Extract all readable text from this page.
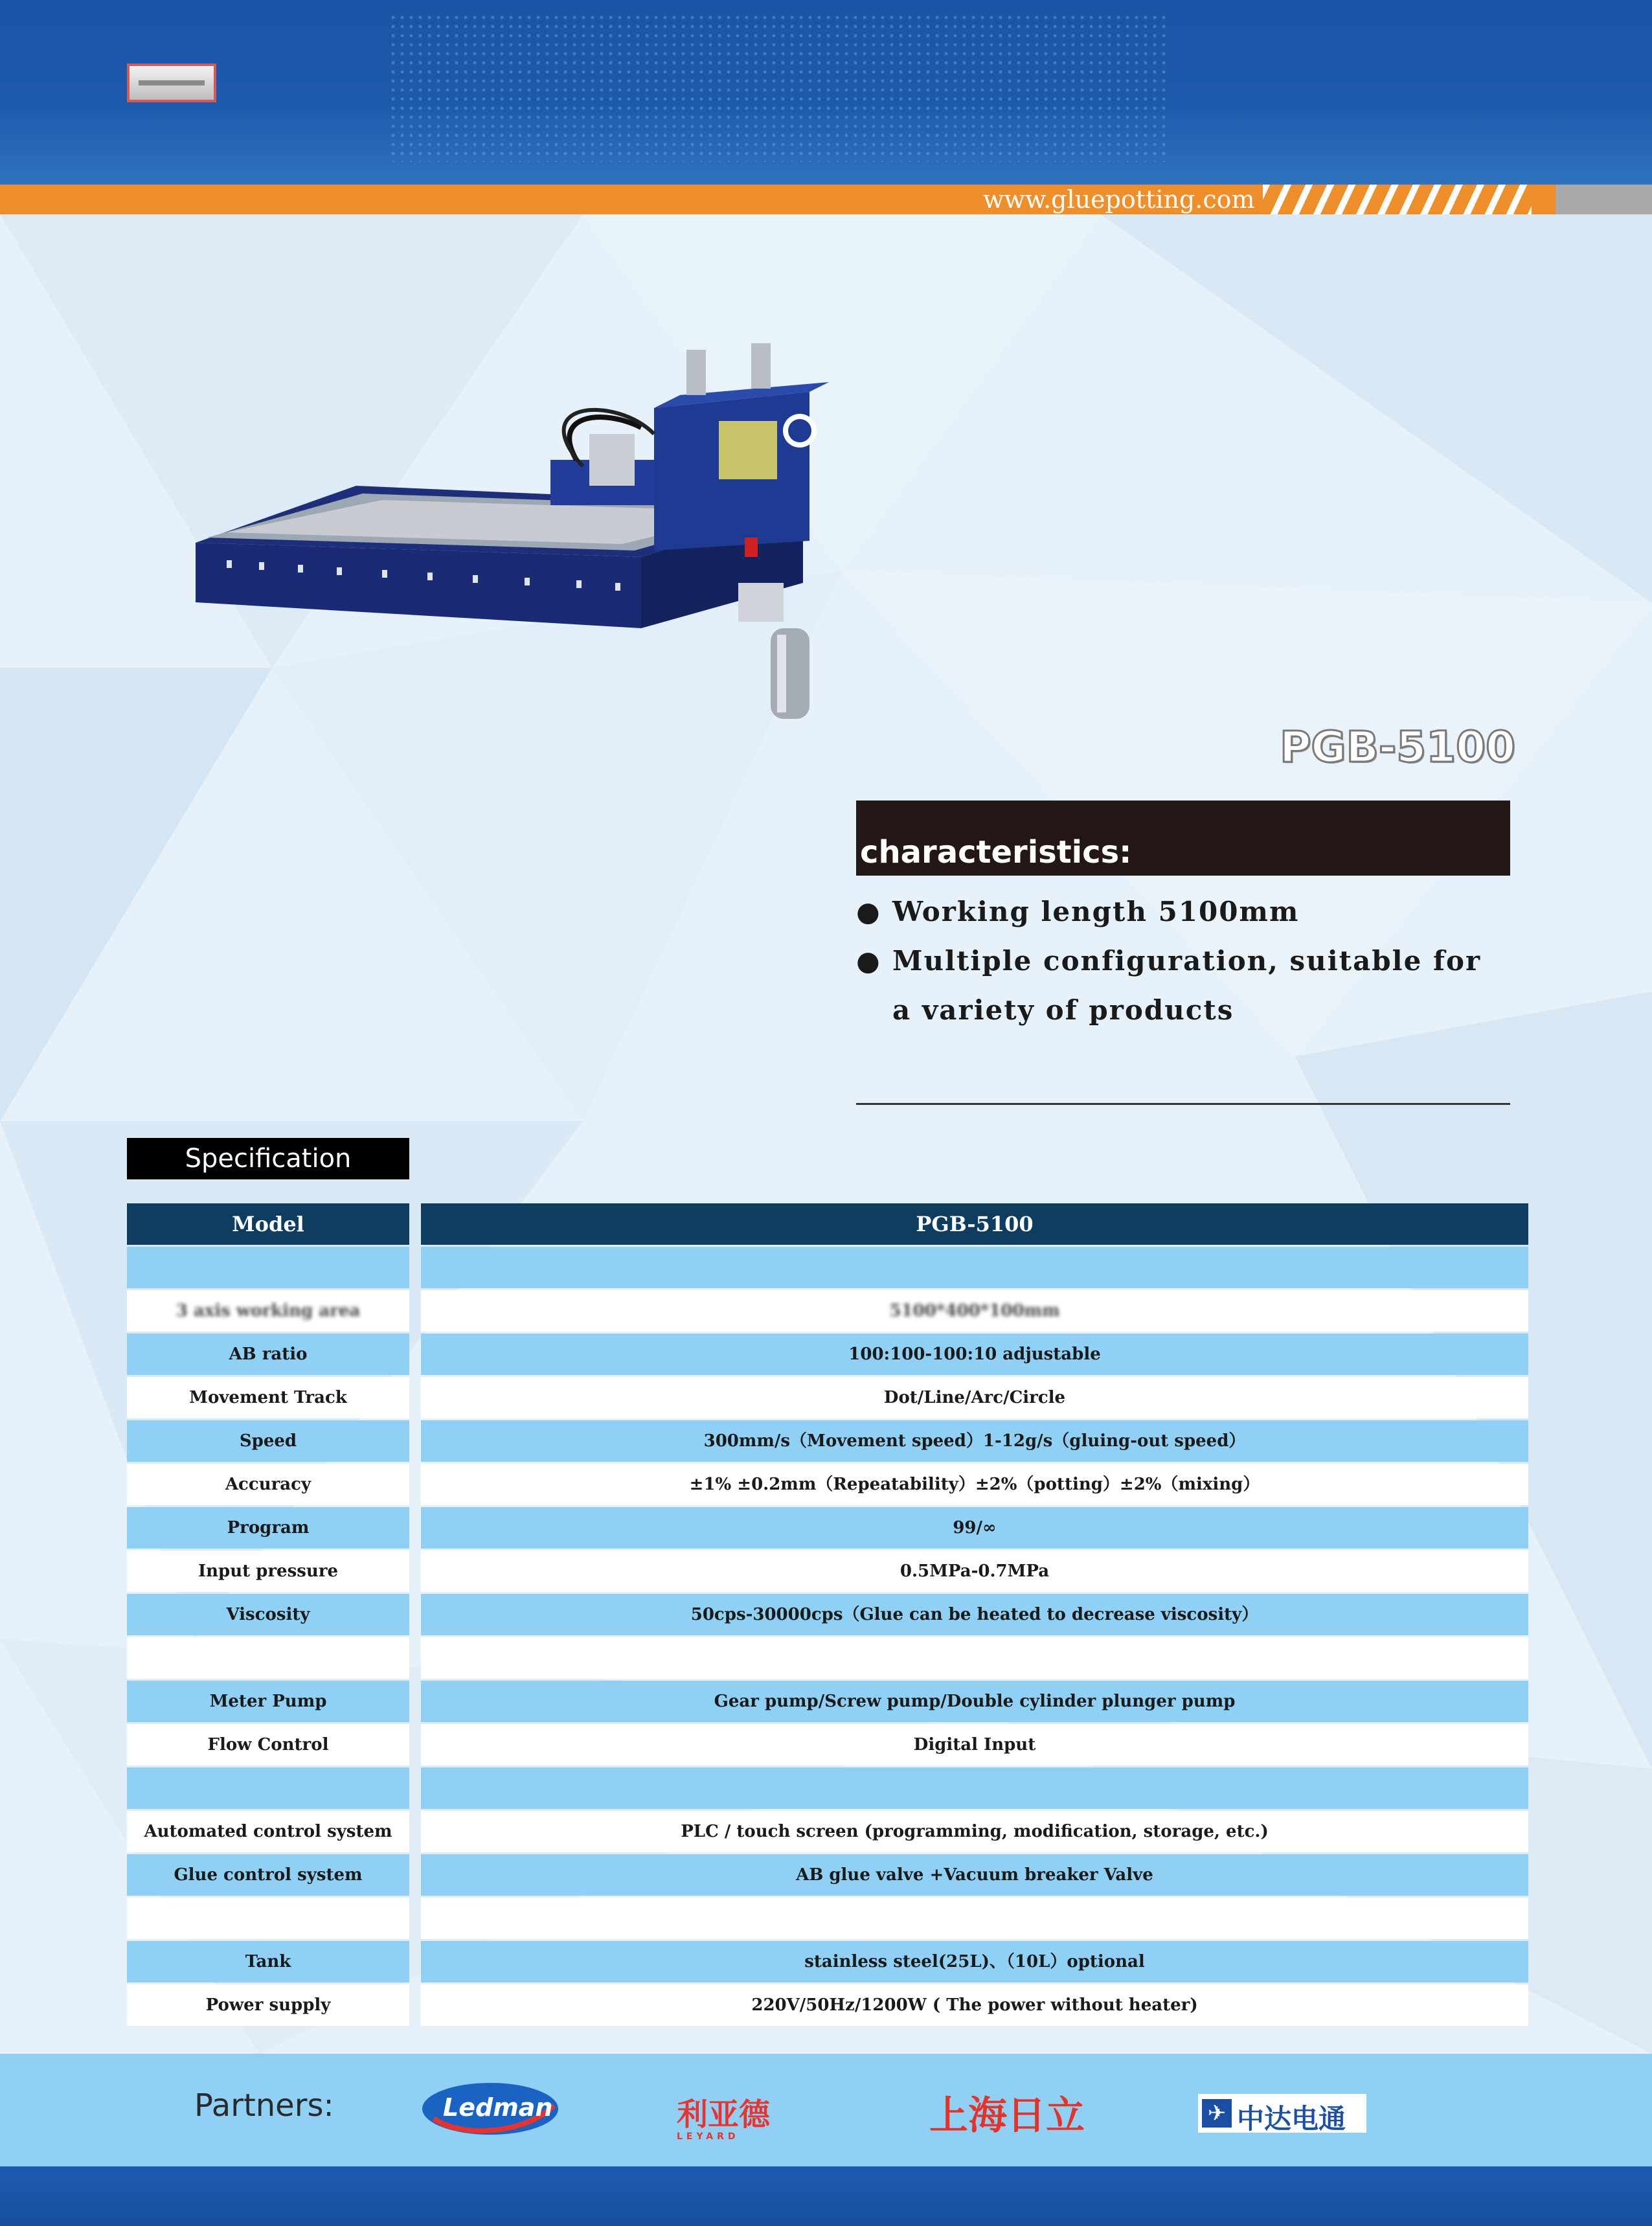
www.gluepotting.com
PGB-5100
characteristics:
● Working length 5100mm
● Multiple configuration, suitable for a variety of products
Specification
Model	PGB-5100
3 axis working area	5100*400*100mm
AB ratio	100:100-100:10 adjustable
Movement Track	Dot/Line/Arc/Circle
Speed	300mm/s（Movement speed）1-12g/s（gluing-out speed）
Accuracy	±1% ±0.2mm（Repeatability）±2%（potting）±2%（mixing）
Program	99/∞
Input pressure	0.5MPa-0.7MPa
Viscosity	50cps-30000cps（Glue can be heated to decrease viscosity）
Meter Pump	Gear pump/Screw pump/Double cylinder plunger pump
Flow Control	Digital Input
Automated control system	PLC / touch screen (programming, modification, storage, etc.)
Glue control system	AB glue valve +Vacuum breaker Valve
Tank	stainless steel(25L)、（10L）optional
Power supply	220V/50Hz/1200W ( The power without heater)
Partners:	Ledman	利亚德
LEYARD	上海日立	✈ 中达电通
